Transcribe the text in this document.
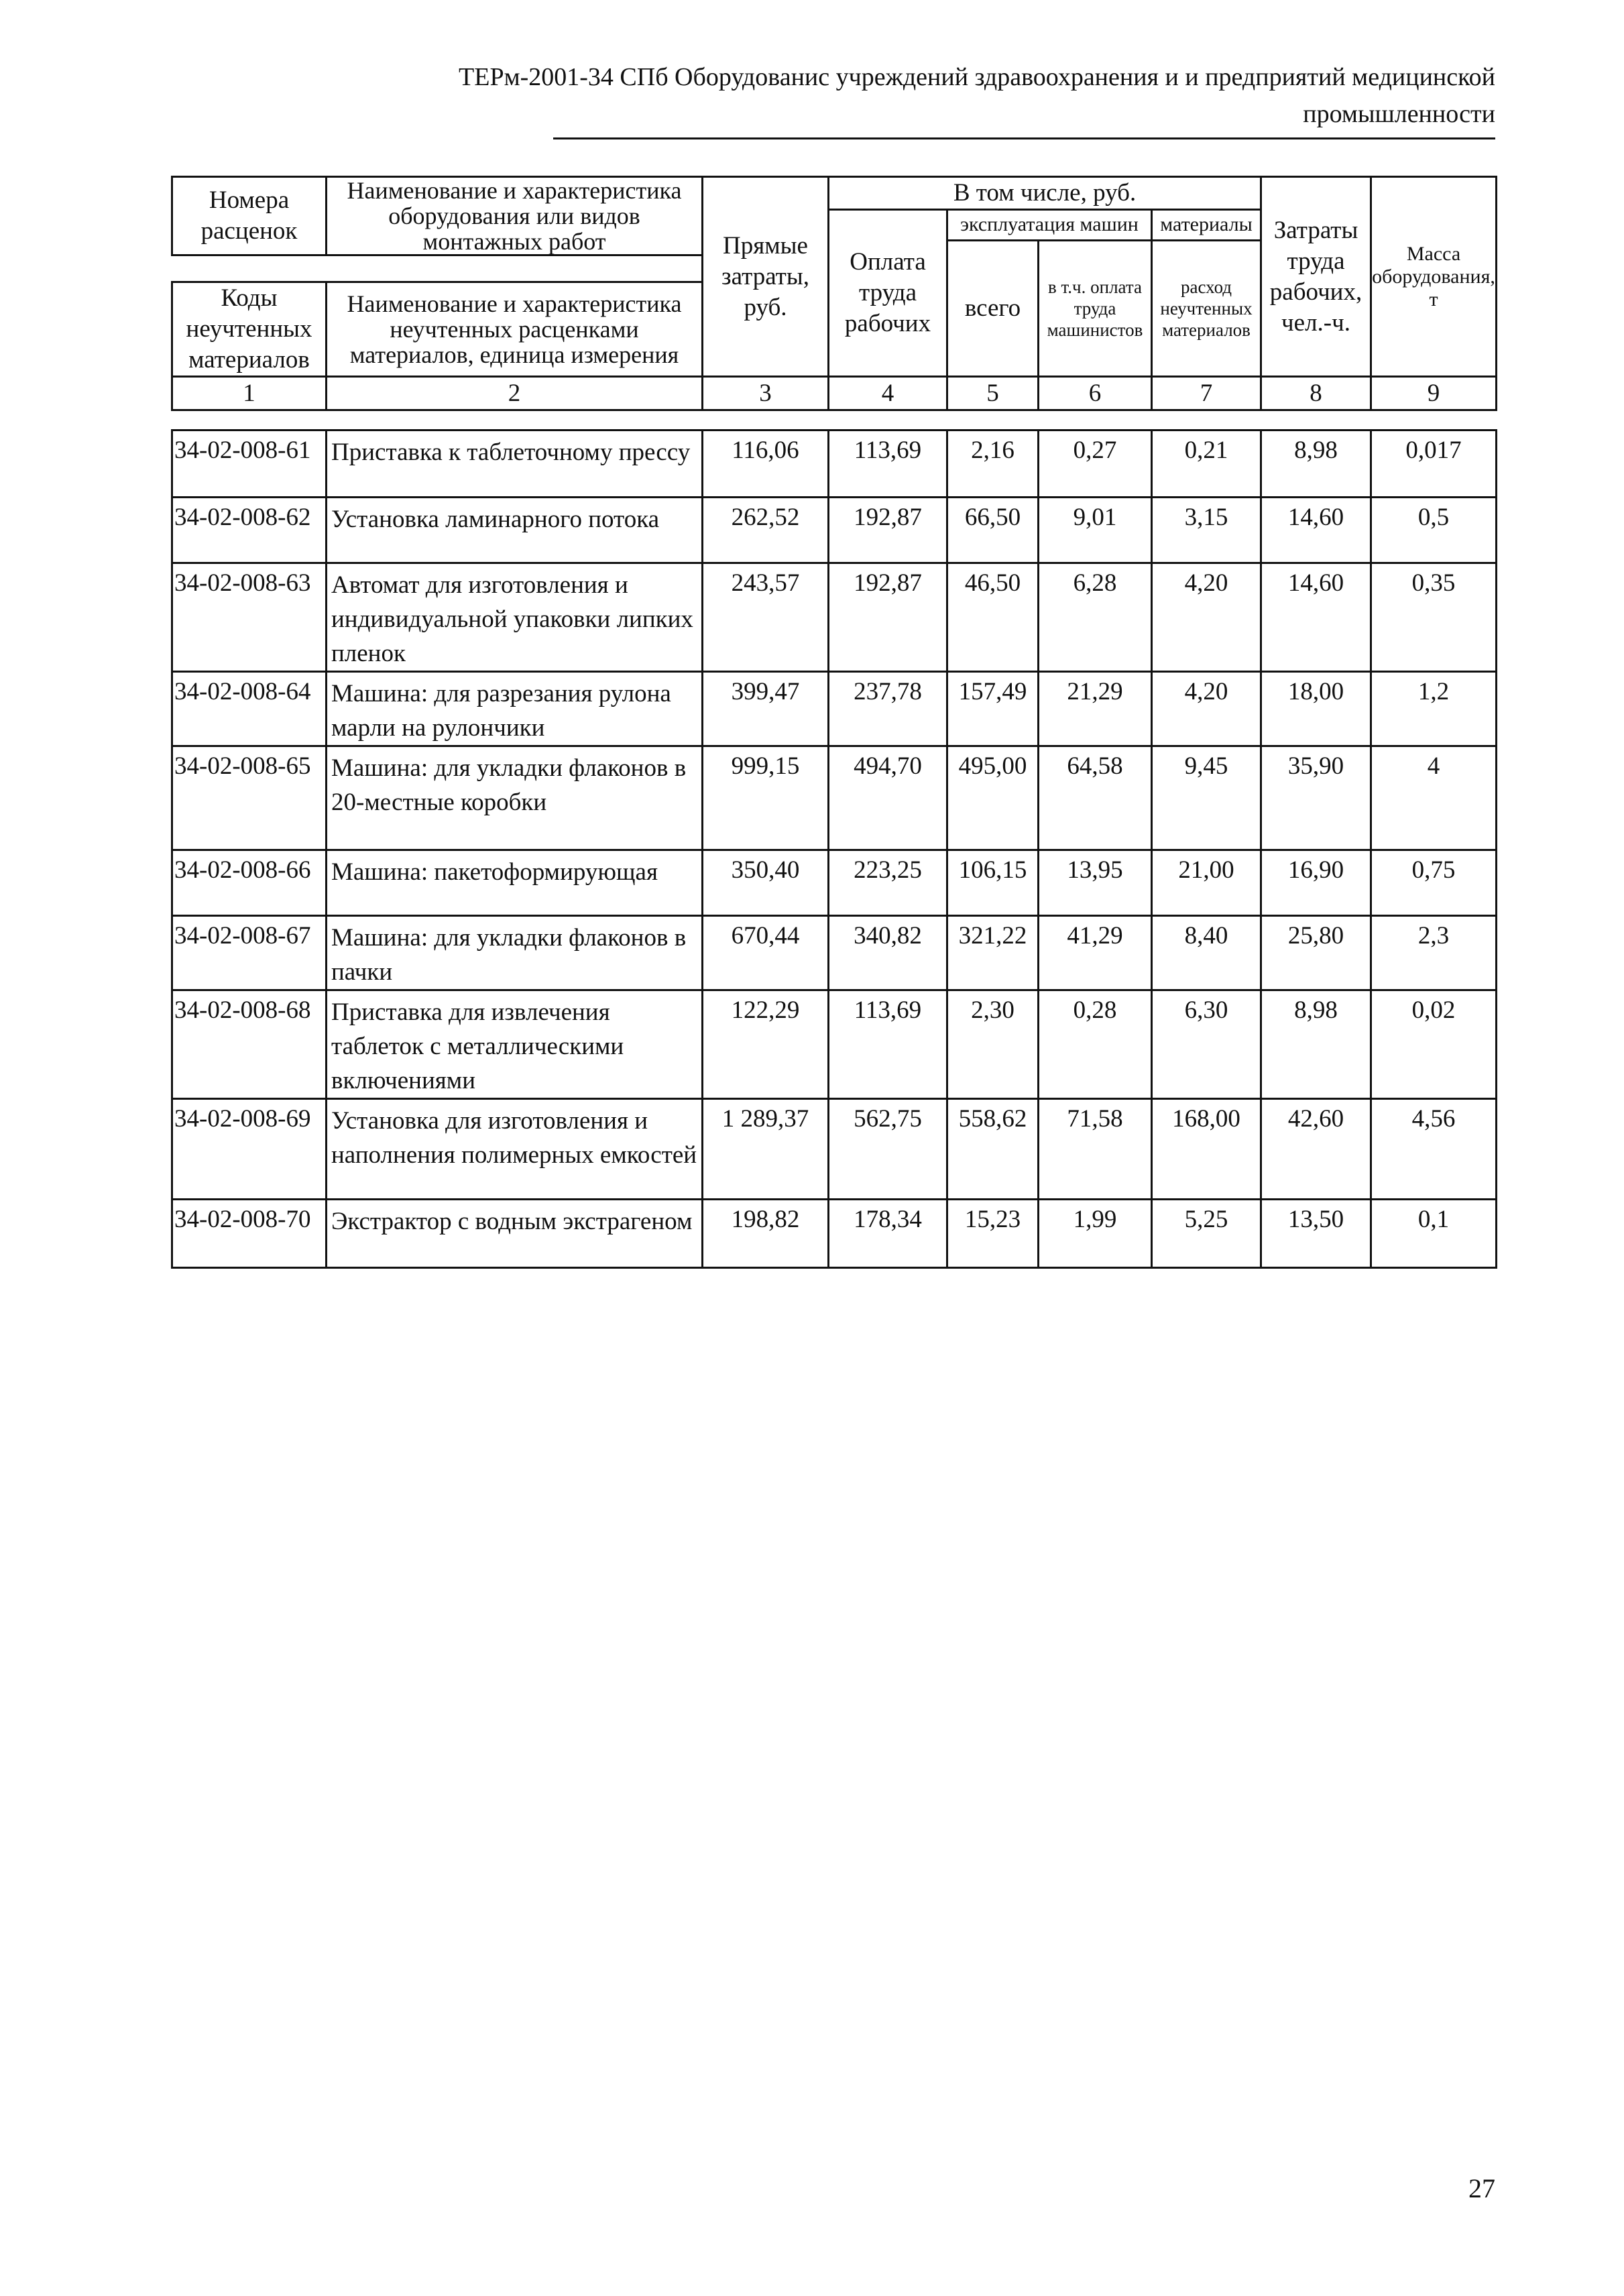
ТЕРм-2001-34 СПб Оборудованис учреждений здравоохранения и и предприятий медицинской
промышленности
Номера расценок	Наименование и характеристика оборудования или видов монтажных работ	Прямые затраты, руб.	В том числе, руб.				Затраты труда рабочих, чел.-ч.	Масса оборудования, т
			Оплата труда рабочих	эксплуатация машин		материалы		
				всего	в т.ч. оплата труда машинистов	расход неучтенных материалов		

Коды неучтенных материалов	Наименование и характеристика неучтенных расценками материалов, единица измерения							

1	2	3	4	5	6	7	8	9
34-02-008-61	Приставка к таблеточному прессу	116,06	113,69	2,16	0,27	0,21	8,98	0,017
34-02-008-62	Установка ламинарного потока	262,52	192,87	66,50	9,01	3,15	14,60	0,5
34-02-008-63	Автомат для изготовления и индивидуальной упаковки липких пленок	243,57	192,87	46,50	6,28	4,20	14,60	0,35
34-02-008-64	Машина: для разрезания рулона марли на рулончики	399,47	237,78	157,49	21,29	4,20	18,00	1,2
34-02-008-65	Машина: для укладки флаконов в 20-местные коробки	999,15	494,70	495,00	64,58	9,45	35,90	4
34-02-008-66	Машина: пакетоформирующая	350,40	223,25	106,15	13,95	21,00	16,90	0,75
34-02-008-67	Машина: для укладки флаконов в пачки	670,44	340,82	321,22	41,29	8,40	25,80	2,3
34-02-008-68	Приставка для извлечения таблеток с металлическими включениями	122,29	113,69	2,30	0,28	6,30	8,98	0,02
34-02-008-69	Установка для изготовления и наполнения полимерных емкостей	1 289,37	562,75	558,62	71,58	168,00	42,60	4,56
34-02-008-70	Экстрактор с водным экстрагеном	198,82	178,34	15,23	1,99	5,25	13,50	0,1
27
